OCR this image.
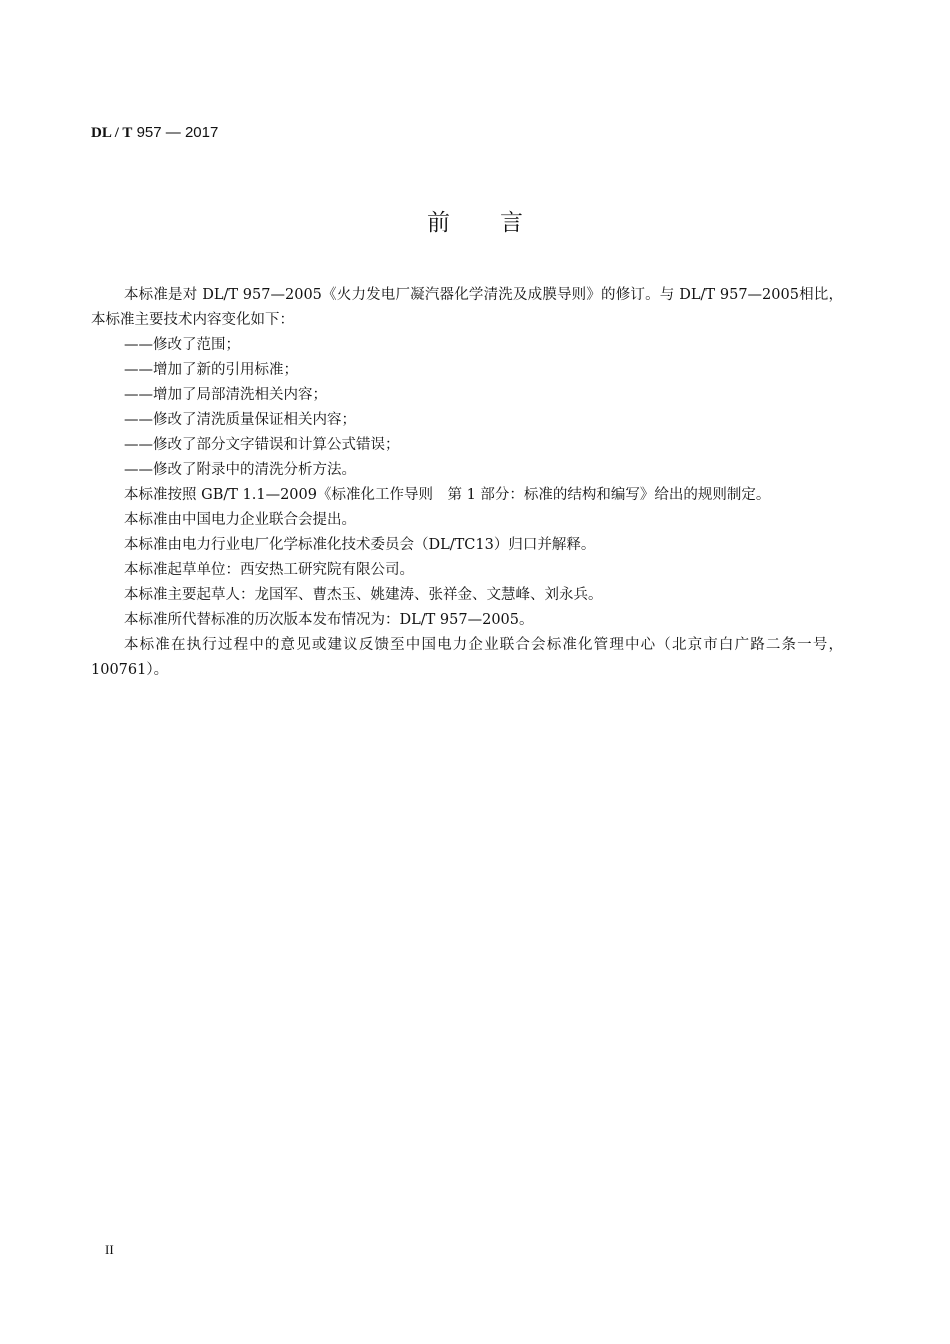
DL / T 957 — 2017
前言

本标准是对 DL/T 957—2005《火力发电厂凝汽器化学清洗及成膜导则》的修订。与 DL/T 957—2005相比，本标准主要技术内容变化如下：

——修改了范围；

——增加了新的引用标准；

——增加了局部清洗相关内容；

——修改了清洗质量保证相关内容；

——修改了部分文字错误和计算公式错误；

——修改了附录中的清洗分析方法。

本标准按照 GB/T 1.1—2009《标准化工作导则　第 1 部分：标准的结构和编写》给出的规则制定。

本标准由中国电力企业联合会提出。

本标准由电力行业电厂化学标准化技术委员会（DL/TC13）归口并解释。

本标准起草单位：西安热工研究院有限公司。

本标准主要起草人：龙国军、曹杰玉、姚建涛、张祥金、文慧峰、刘永兵。

本标准所代替标准的历次版本发布情况为：DL/T 957—2005。

本标准在执行过程中的意见或建议反馈至中国电力企业联合会标准化管理中心（北京市白广路二条一号，100761）。

II
